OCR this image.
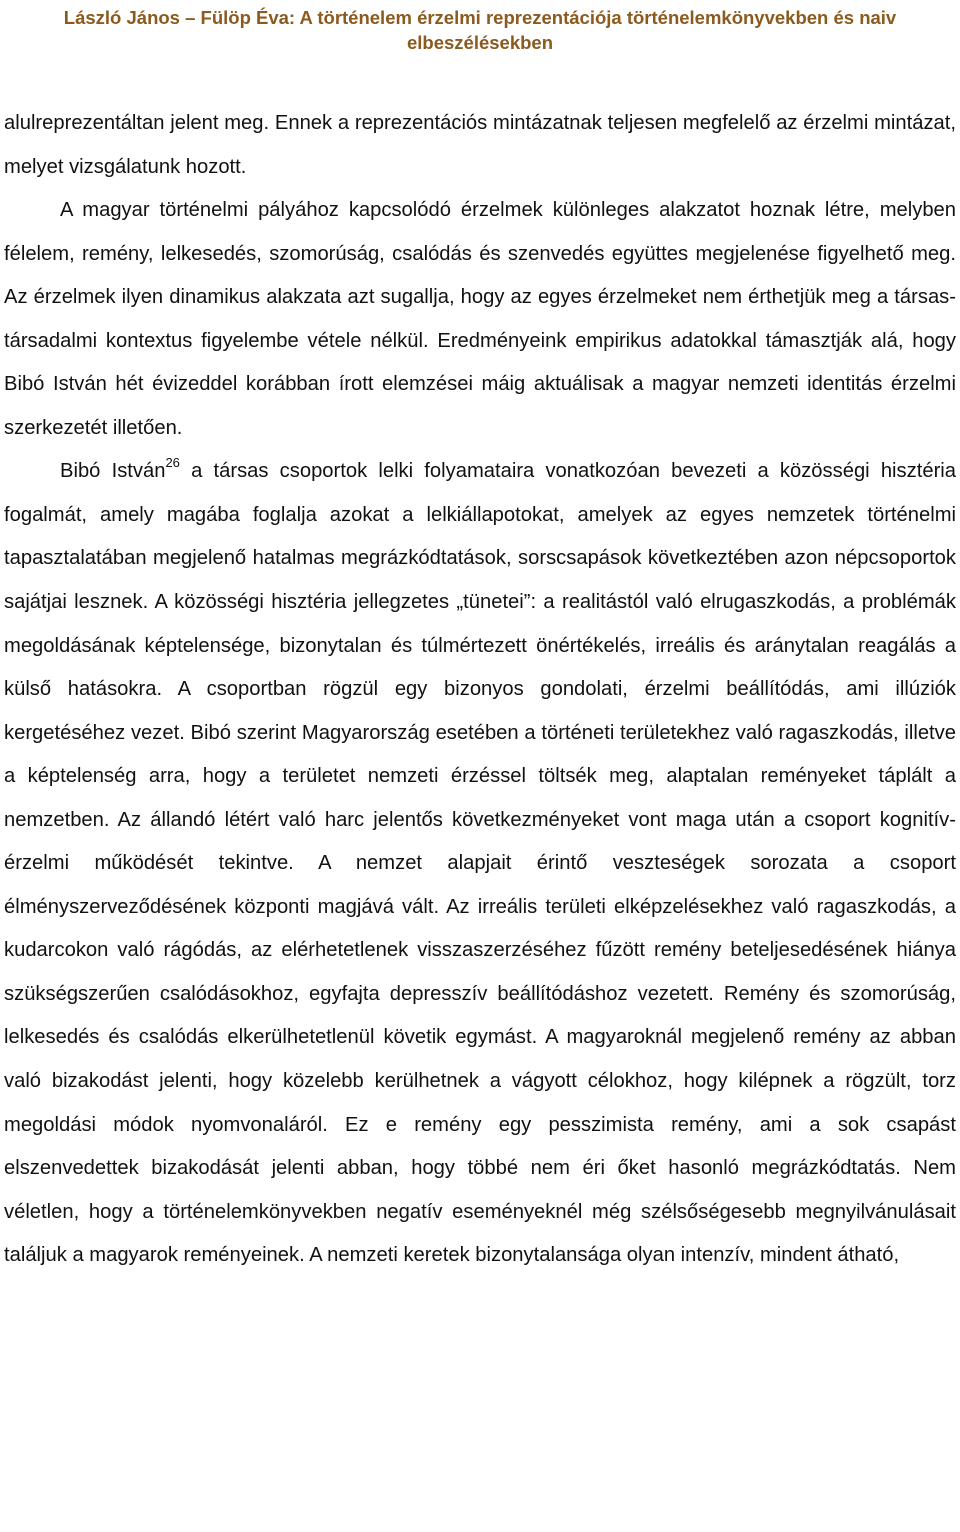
László János – Fülöp Éva: A történelem érzelmi reprezentációja történelemkönyvekben és naiv elbeszélésekben

alulreprezentáltan jelent meg. Ennek a reprezentációs mintázatnak teljesen megfelelő az érzelmi mintázat, melyet vizsgálatunk hozott.

A magyar történelmi pályához kapcsolódó érzelmek különleges alakzatot hoznak létre, melyben félelem, remény, lelkesedés, szomorúság, csalódás és szenvedés együttes megjelenése figyelhető meg. Az érzelmek ilyen dinamikus alakzata azt sugallja, hogy az egyes érzelmeket nem érthetjük meg a társas-társadalmi kontextus figyelembe vétele nélkül. Eredményeink empirikus adatokkal támasztják alá, hogy Bibó István hét évizeddel korábban írott elemzései máig aktuálisak a magyar nemzeti identitás érzelmi szerkezetét illetően.

Bibó István$^{26}$ a társas csoportok lelki folyamataira vonatkozóan bevezeti a közösségi hisztéria fogalmát, amely magába foglalja azokat a lelkiállapotokat, amelyek az egyes nemzetek történelmi tapasztalatában megjelenő hatalmas megrázkódtatások, sorscsapások következtében azon népcsoportok sajátjai lesznek. A közösségi hisztéria jellegzetes „tünetei”: a realitástól való elrugaszkodás, a problémák megoldásának képtelensége, bizonytalan és túlmértezett önértékelés, irreális és aránytalan reagálás a külső hatásokra. A csoportban rögzül egy bizonyos gondolati, érzelmi beállítódás, ami illúziók kergetéséhez vezet. Bibó szerint Magyarország esetében a történeti területekhez való ragaszkodás, illetve a képtelenség arra, hogy a területet nemzeti érzéssel töltsék meg, alaptalan reményeket táplált a nemzetben. Az állandó létért való harc jelentős következményeket vont maga után a csoport kognitív-érzelmi működését tekintve. A nemzet alapjait érintő veszteségek sorozata a csoport élményszerveződésének központi magjává vált. Az irreális területi elképzelésekhez való ragaszkodás, a kudarcokon való rágódás, az elérhetetlenek visszaszerzéséhez fűzött remény beteljesedésének hiánya szükségszerűen csalódásokhoz, egyfajta depresszív beállítódáshoz vezetett. Remény és szomorúság, lelkesedés és csalódás elkerülhetetlenül követik egymást. A magyaroknál megjelenő remény az abban való bizakodást jelenti, hogy közelebb kerülhetnek a vágyott célokhoz, hogy kilépnek a rögzült, torz megoldási módok nyomvonaláról. Ez e remény egy pesszimista remény, ami a sok csapást elszenvedettek bizakodását jelenti abban, hogy többé nem éri őket hasonló megrázkódtatás. Nem véletlen, hogy a történelemkönyvekben negatív eseményeknél még szélsőségesebb megnyilvánulásait találjuk a magyarok reményeinek. A nemzeti keretek bizonytalansága olyan intenzív, mindent átható,
